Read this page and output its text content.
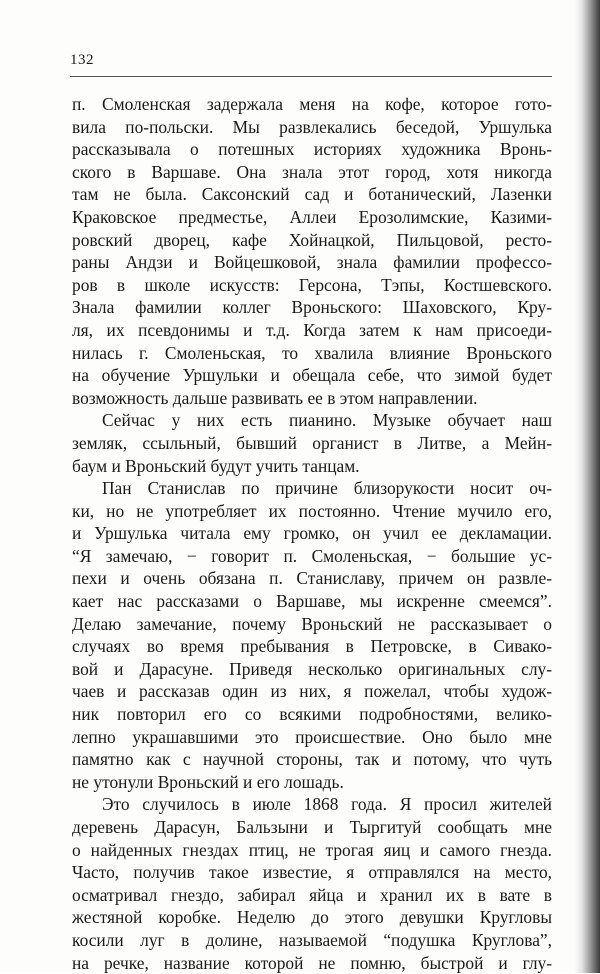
132
п. Смоленская задержала меня на кофе, которое гото-
вила по-польски. Мы развлекались беседой, Уршулька
рассказывала о потешных историях художника Вронь-
ского в Варшаве. Она знала этот город, хотя никогда
там не была. Саксонский сад и ботанический, Лазенки
Краковское предместье, Аллеи Ерозолимские, Казими-
ровский дворец, кафе Хойнацкой, Пильцовой, ресто-
раны Андзи и Войцешковой, знала фамилии профессо-
ров в школе искусств: Герсона, Тэпы, Костшевского.
Знала фамилии коллег Вроньского: Шаховского, Кру-
ля, их псевдонимы и т.д. Когда затем к нам присоеди-
нилась г. Смоленьская, то хвалила влияние Вроньского
на обучение Уршульки и обещала себе, что зимой будет
возможность дальше развивать ее в этом направлении.
Сейчас у них есть пианино. Музыке обучает наш
земляк, ссыльный, бывший органист в Литве, а Мейн-
баум и Вроньский будут учить танцам.
Пан Станислав по причине близорукости носит оч-
ки, но не употребляет их постоянно. Чтение мучило его,
и Уршулька читала ему громко, он учил ее декламации.
“Я замечаю, − говорит п. Смоленьская, − большие ус-
пехи и очень обязана п. Станиславу, причем он развле-
кает нас рассказами о Варшаве, мы искренне смеемся”.
Делаю замечание, почему Вроньский не рассказывает о
случаях во время пребывания в Петровске, в Сивако-
вой и Дарасуне. Приведя несколько оригинальных слу-
чаев и рассказав один из них, я пожелал, чтобы худож-
ник повторил его со всякими подробностями, велико-
лепно украшавшими это происшествие. Оно было мне
памятно как с научной стороны, так и потому, что чуть
не утонули Вроньский и его лошадь.
Это случилось в июле 1868 года. Я просил жителей
деревень Дарасун, Бальзыни и Тыргитуй сообщать мне
о найденных гнездах птиц, не трогая яиц и самого гнезда.
Часто, получив такое известие, я отправлялся на место,
осматривал гнездо, забирал яйца и хранил их в вате в
жестяной коробке. Неделю до этого девушки Кругловы
косили луг в долине, называемой “подушка Круглова”,
на речке, название которой не помню, быстрой и глу-
